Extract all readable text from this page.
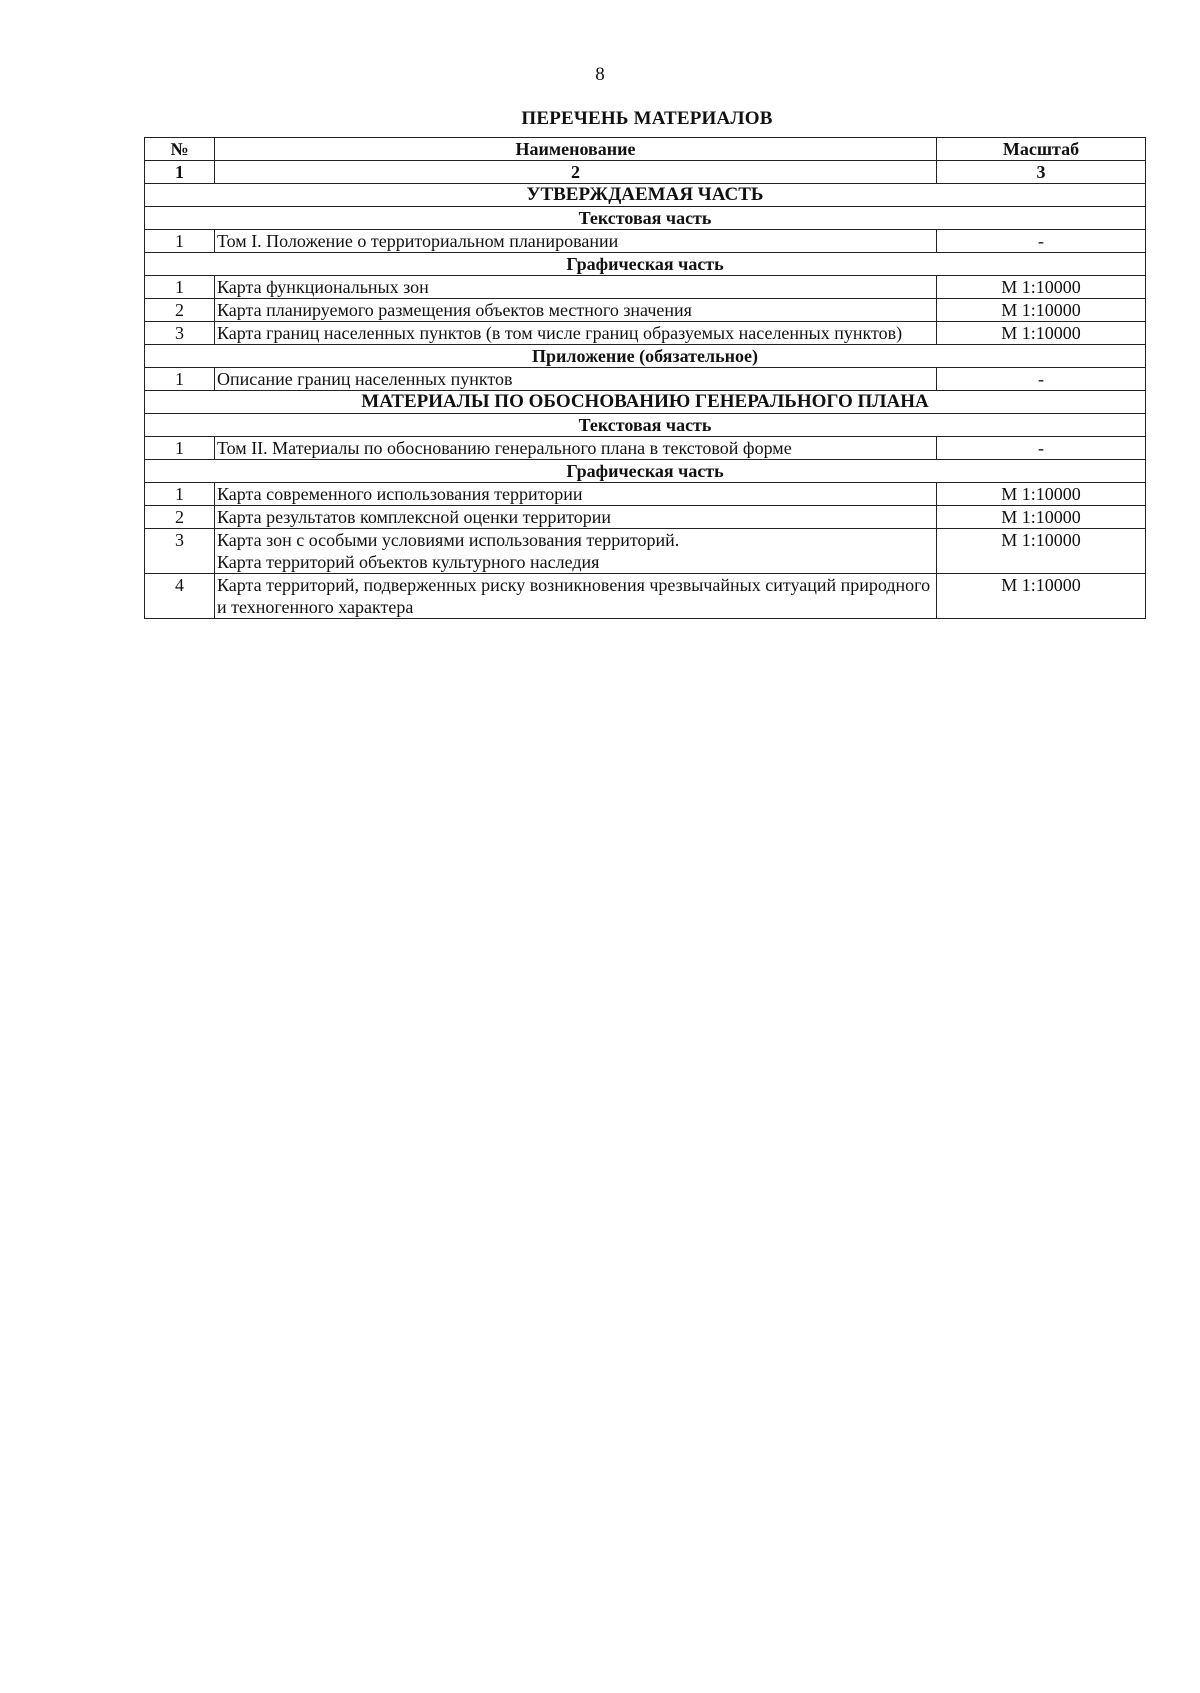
8
ПЕРЕЧЕНЬ МАТЕРИАЛОВ
№	Наименование	Масштаб
1	2	3
УТВЕРЖДАЕМАЯ ЧАСТЬ		
Текстовая часть		
1	Том I. Положение о территориальном планировании	-
Графическая часть		
1	Карта функциональных зон	М 1:10000
2	Карта планируемого размещения объектов местного значения	М 1:10000
3	Карта границ населенных пунктов (в том числе границ образуемых населенных пунктов)	М 1:10000
Приложение (обязательное)		
1	Описание границ населенных пунктов	-
МАТЕРИАЛЫ ПО ОБОСНОВАНИЮ ГЕНЕРАЛЬНОГО ПЛАНА		
Текстовая часть		
1	Том II. Материалы по обоснованию генерального плана в текстовой форме	-
Графическая часть		
1	Карта современного использования территории	М 1:10000
2	Карта результатов комплексной оценки территории	М 1:10000
3	Карта зон с особыми условиями использования территорий.
Карта территорий объектов культурного наследия	М 1:10000
4	Карта территорий, подверженных риску возникновения чрезвычайных ситуаций природного и техногенного характера	М 1:10000
